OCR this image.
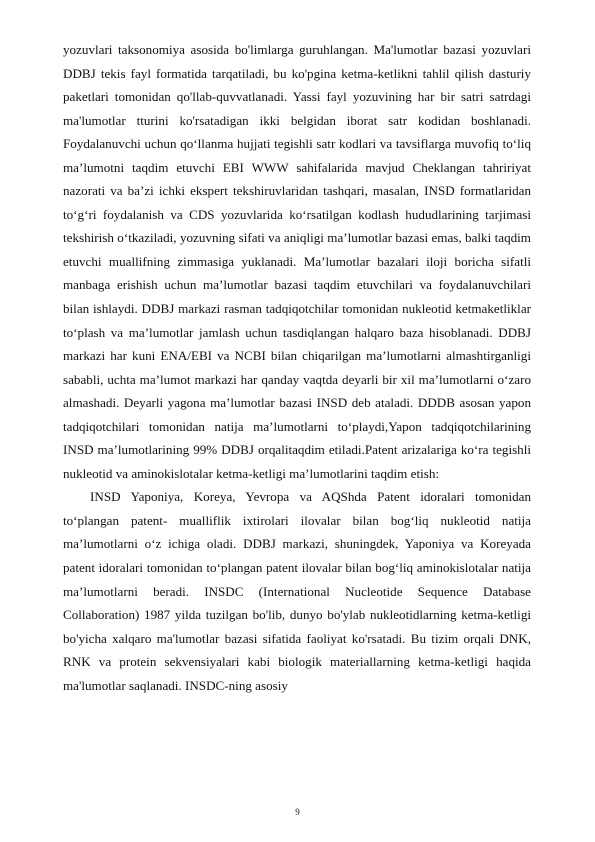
yozuvlari taksonomiya asosida bo'limlarga guruhlangan. Ma'lumotlar bazasi yozuvlari DDBJ tekis fayl formatida tarqatiladi, bu ko'pgina ketma-ketlikni tahlil qilish dasturiy paketlari tomonidan qo'llab-quvvatlanadi. Yassi fayl yozuvining har bir satri satrdagi ma'lumotlar tturini ko'rsatadigan ikki belgidan iborat satr kodidan boshlanadi. Foydalanuvchi uchun qo‘llanma hujjati tegishli satr kodlari va tavsiflarga muvofiq to‘liq ma’lumotni taqdim etuvchi EBI WWW sahifalarida mavjud Cheklangan tahririyat nazorati va ba’zi ichki ekspert tekshiruvlaridan tashqari, masalan, INSD formatlaridan to‘g‘ri foydalanish va CDS yozuvlarida ko‘rsatilgan kodlash hududlarining tarjimasi tekshirish o‘tkaziladi, yozuvning sifati va aniqligi ma’lumotlar bazasi emas, balki taqdim etuvchi muallifning zimmasiga yuklanadi. Ma’lumotlar bazalari iloji boricha sifatli manbaga erishish uchun ma’lumotlar bazasi taqdim etuvchilari va foydalanuvchilari bilan ishlaydi. DDBJ markazi rasman tadqiqotchilar tomonidan nukleotid ketmaketliklar to‘plash va ma’lumotlar jamlash uchun tasdiqlangan halqaro baza hisoblanadi. DDBJ markazi har kuni ENA/EBI va NCBI bilan chiqarilgan ma’lumotlarni almashtirganligi sababli, uchta ma’lumot markazi har qanday vaqtda deyarli bir xil ma’lumotlarni o‘zaro almashadi. Deyarli yagona ma’lumotlar bazasi INSD deb ataladi. DDDB asosan yapon tadqiqotchilari tomonidan natija ma’lumotlarni to‘playdi,Yapon tadqiqotchilarining INSD ma’lumotlarining 99% DDBJ orqalitaqdim etiladi.Patent arizalariga ko‘ra tegishli nukleotid va aminokislotalar ketma-ketligi ma’lumotlarini taqdim etish:

INSD Yaponiya, Koreya, Yevropa va AQShda Patent idoralari tomonidan to‘plangan patent- mualliflik ixtirolari ilovalar bilan bog‘liq nukleotid natija ma’lumotlarni o‘z ichiga oladi. DDBJ markazi, shuningdek, Yaponiya va Koreyada patent idoralari tomonidan to‘plangan patent ilovalar bilan bog‘liq aminokislotalar natija ma’lumotlarni beradi. INSDC (International Nucleotide Sequence Database Collaboration) 1987 yilda tuzilgan bo'lib, dunyo bo'ylab nukleotidlarning ketma-ketligi bo'yicha xalqaro ma'lumotlar bazasi sifatida faoliyat ko'rsatadi. Bu tizim orqali DNK, RNK va protein sekvensiyalari kabi biologik materiallarning ketma-ketligi haqida ma'lumotlar saqlanadi. INSDC-ning asosiy

9
